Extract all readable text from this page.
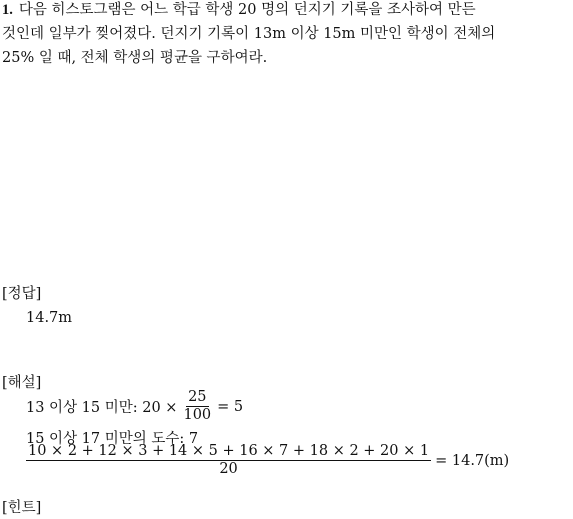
1. 다음 히스토그램은 어느 학급 학생 20 명의 던지기 기록을 조사하여 만든
것인데 일부가 찢어졌다. 던지기 기록이 13m 이상 15m 미만인 학생이 전체의
25% 일 때, 전체 학생의 평균을 구하여라.
[정답]
14.7m
[해설]
13 이상 15 미만: $20 \times \frac{25}{100} = 5$
15 이상 17 미만의 도수: 7
$\frac{10 \times 2 + 12 \times 3 + 14 \times 5 + 16 \times 7 + 18 \times 2 + 20 \times 1}{20} = 14.7(m)$
[힌트]
